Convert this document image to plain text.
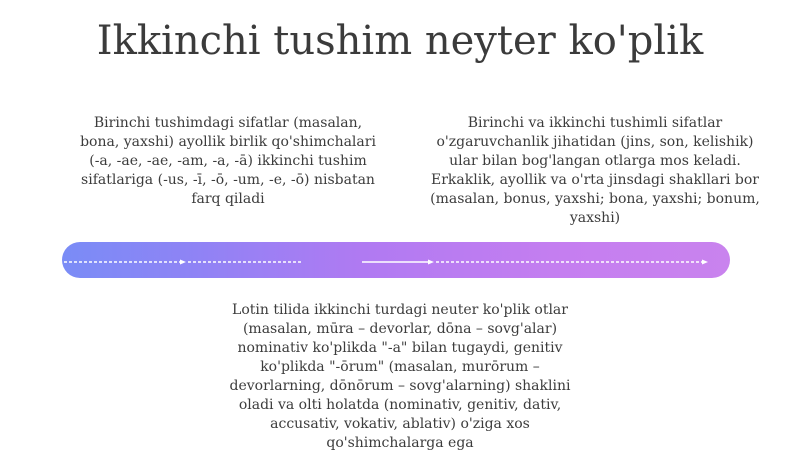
Ikkinchi tushim neyter ko'plik

Birinchi tushimdagi sifatlar (masalan, bona, yaxshi) ayollik birlik qo'shimchalari (-a, -ae, -ae, -am, -a, -ā) ikkinchi tushim sifatlariga (-us, -ī, -ō, -um, -e, -ō) nisbatan farq qiladi

Birinchi va ikkinchi tushimli sifatlar o'zgaruvchanlik jihatidan (jins, son, kelishik) ular bilan bog'langan otlarga mos keladi. Erkaklik, ayollik va o'rta jinsdagi shakllari bor (masalan, bonus, yaxshi; bona, yaxshi; bonum, yaxshi)

Lotin tilida ikkinchi turdagi neuter ko'plik otlar (masalan, mūra – devorlar, dōna – sovg'alar) nominativ ko'plikda "-a" bilan tugaydi, genitiv ko'plikda "-ōrum" (masalan, murōrum – devorlarning, dōnōrum – sovg'alarning) shaklini oladi va olti holatda (nominativ, genitiv, dativ, accusativ, vokativ, ablativ) o'ziga xos qo'shimchalarga ega
